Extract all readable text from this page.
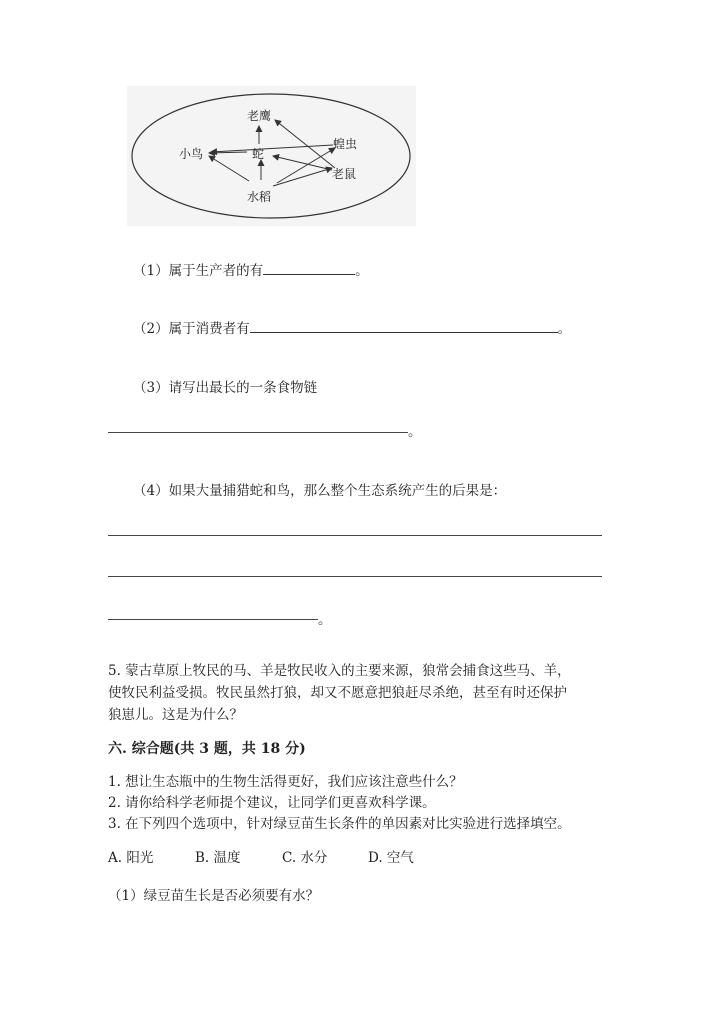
老鹰
蝗虫
小鸟	蛇
老鼠
水稻
（1）属于生产者的有	。
（2）属于消费者有	。
（3）请写出最长的一条食物链
。
（4）如果大量捕猎蛇和鸟，那么整个生态系统产生的后果是：
。
5. 蒙古草原上牧民的马、羊是牧民收入的主要来源，狼常会捕食这些马、羊，
使牧民利益受损。牧民虽然打狼，却又不愿意把狼赶尽杀绝，甚至有时还保护
狼崽儿。这是为什么？
六. 综合题(共 3 题，共 18 分)
1. 想让生态瓶中的生物生活得更好，我们应该注意些什么？
2. 请你给科学老师提个建议，让同学们更喜欢科学课。
3. 在下列四个选项中，针对绿豆苗生长条件的单因素对比实验进行选择填空。
A. 阳光	B. 温度	C. 水分	D. 空气
（1）绿豆苗生长是否必须要有水？
